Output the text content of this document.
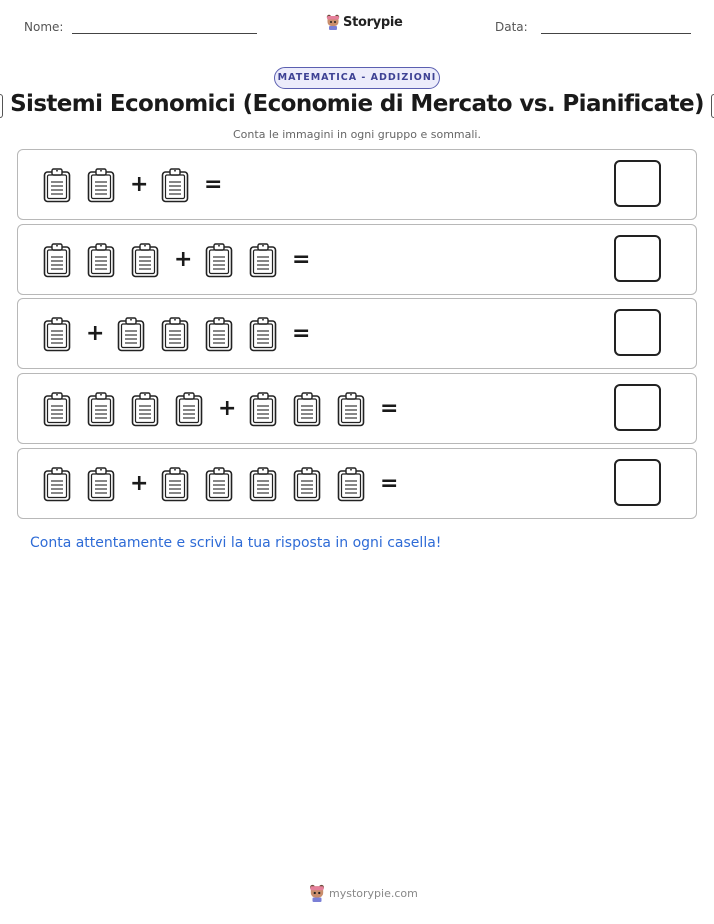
Nome:	Storypie	Data:
MATEMATICA - ADDIZIONI
Sistemi Economici (Economie di Mercato vs. Pianificate)
Conta le immagini in ogni gruppo e sommali.
+	=
+	=
+	=
+	=
+	=
Conta attentamente e scrivi la tua risposta in ogni casella!
mystorypie.com
